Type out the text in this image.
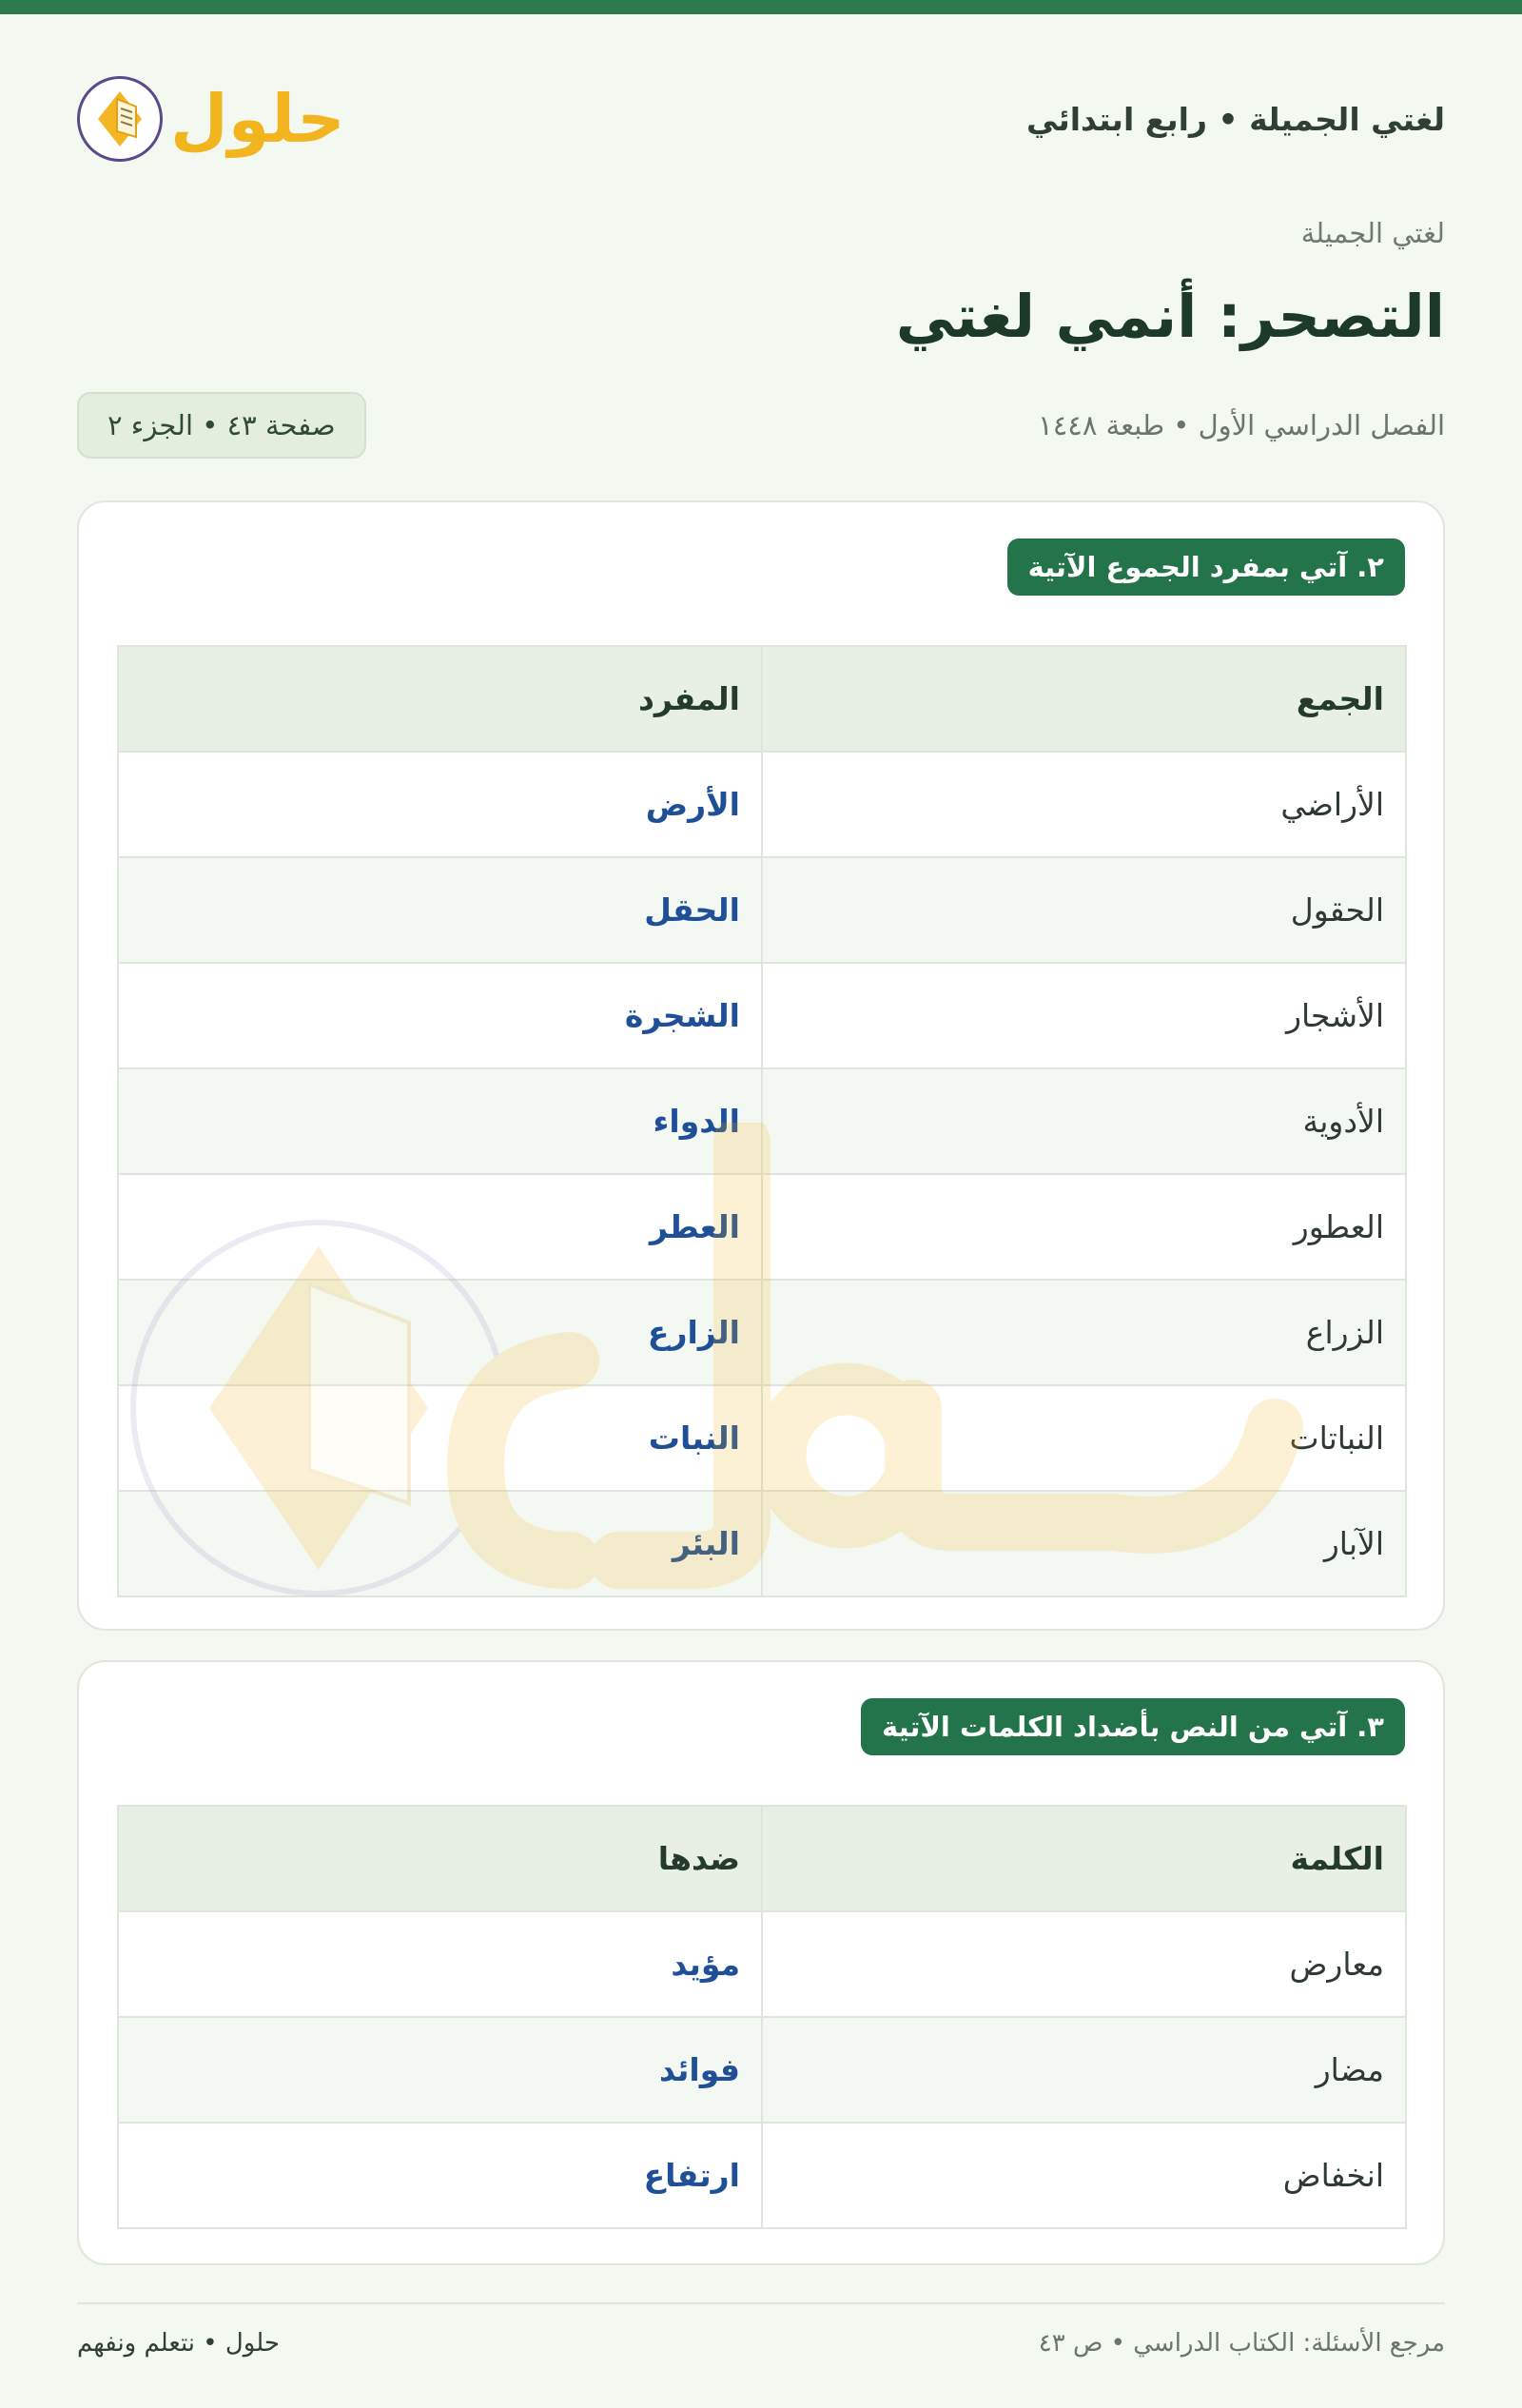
لغتي الجميلة • رابع ابتدائي
حلول
لغتي الجميلة
التصحر: أنمي لغتي
الفصل الدراسي الأول • طبعة ١٤٤٨
صفحة ٤٣ • الجزء ٢
٢. آتي بمفرد الجموع الآتية
الجمع	المفرد
الأراضي	الأرض
الحقول	الحقل
الأشجار	الشجرة
الأدوية	الدواء
العطور	العطر
الزراع	الزارع
النباتات	النبات
الآبار	البئر
٣. آتي من النص بأضداد الكلمات الآتية
الكلمة	ضدها
معارض	مؤيد
مضار	فوائد
انخفاض	ارتفاع
مرجع الأسئلة: الكتاب الدراسي • ص ٤٣
حلول • نتعلم ونفهم
